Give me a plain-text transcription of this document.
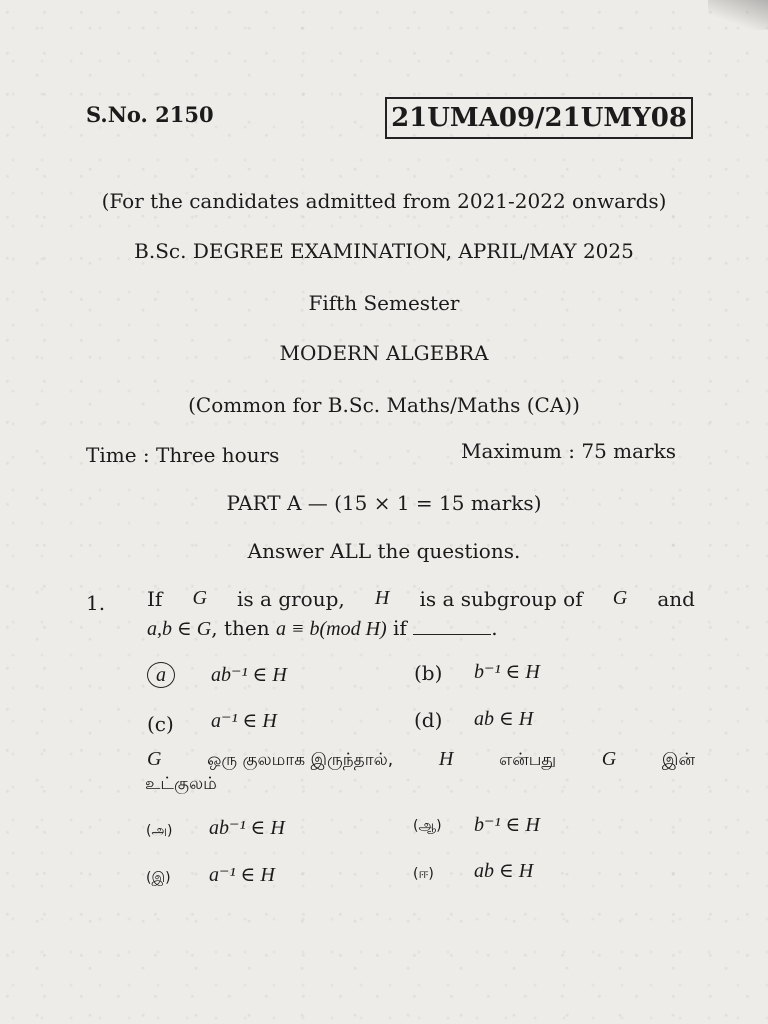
S.No. 2150	21UMA09/21UMY08
(For the candidates admitted from 2021-2022 onwards)
B.Sc. DEGREE EXAMINATION, APRIL/MAY 2025
Fifth Semester
MODERN ALGEBRA
(Common for B.Sc. Maths/Maths (CA))
Time : Three hours	Maximum : 75 marks
PART A — (15 × 1 = 15 marks)
Answer ALL the questions.
1. If G is a group, H is a subgroup of G and
a,b ∈ G, then a ≡ b(mod H) if	.
a	ab⁻¹ ∈ H	(b) b⁻¹ ∈ H
(c) a⁻¹ ∈ H	(d) ab ∈ H
G	ஒரு குலமாக இருந்தால், H	என்பது G	இன்
உட்குலம்
(அ) ab⁻¹ ∈ H	(ஆ) b⁻¹ ∈ H
(இ) a⁻¹ ∈ H	(ஈ) ab ∈ H
